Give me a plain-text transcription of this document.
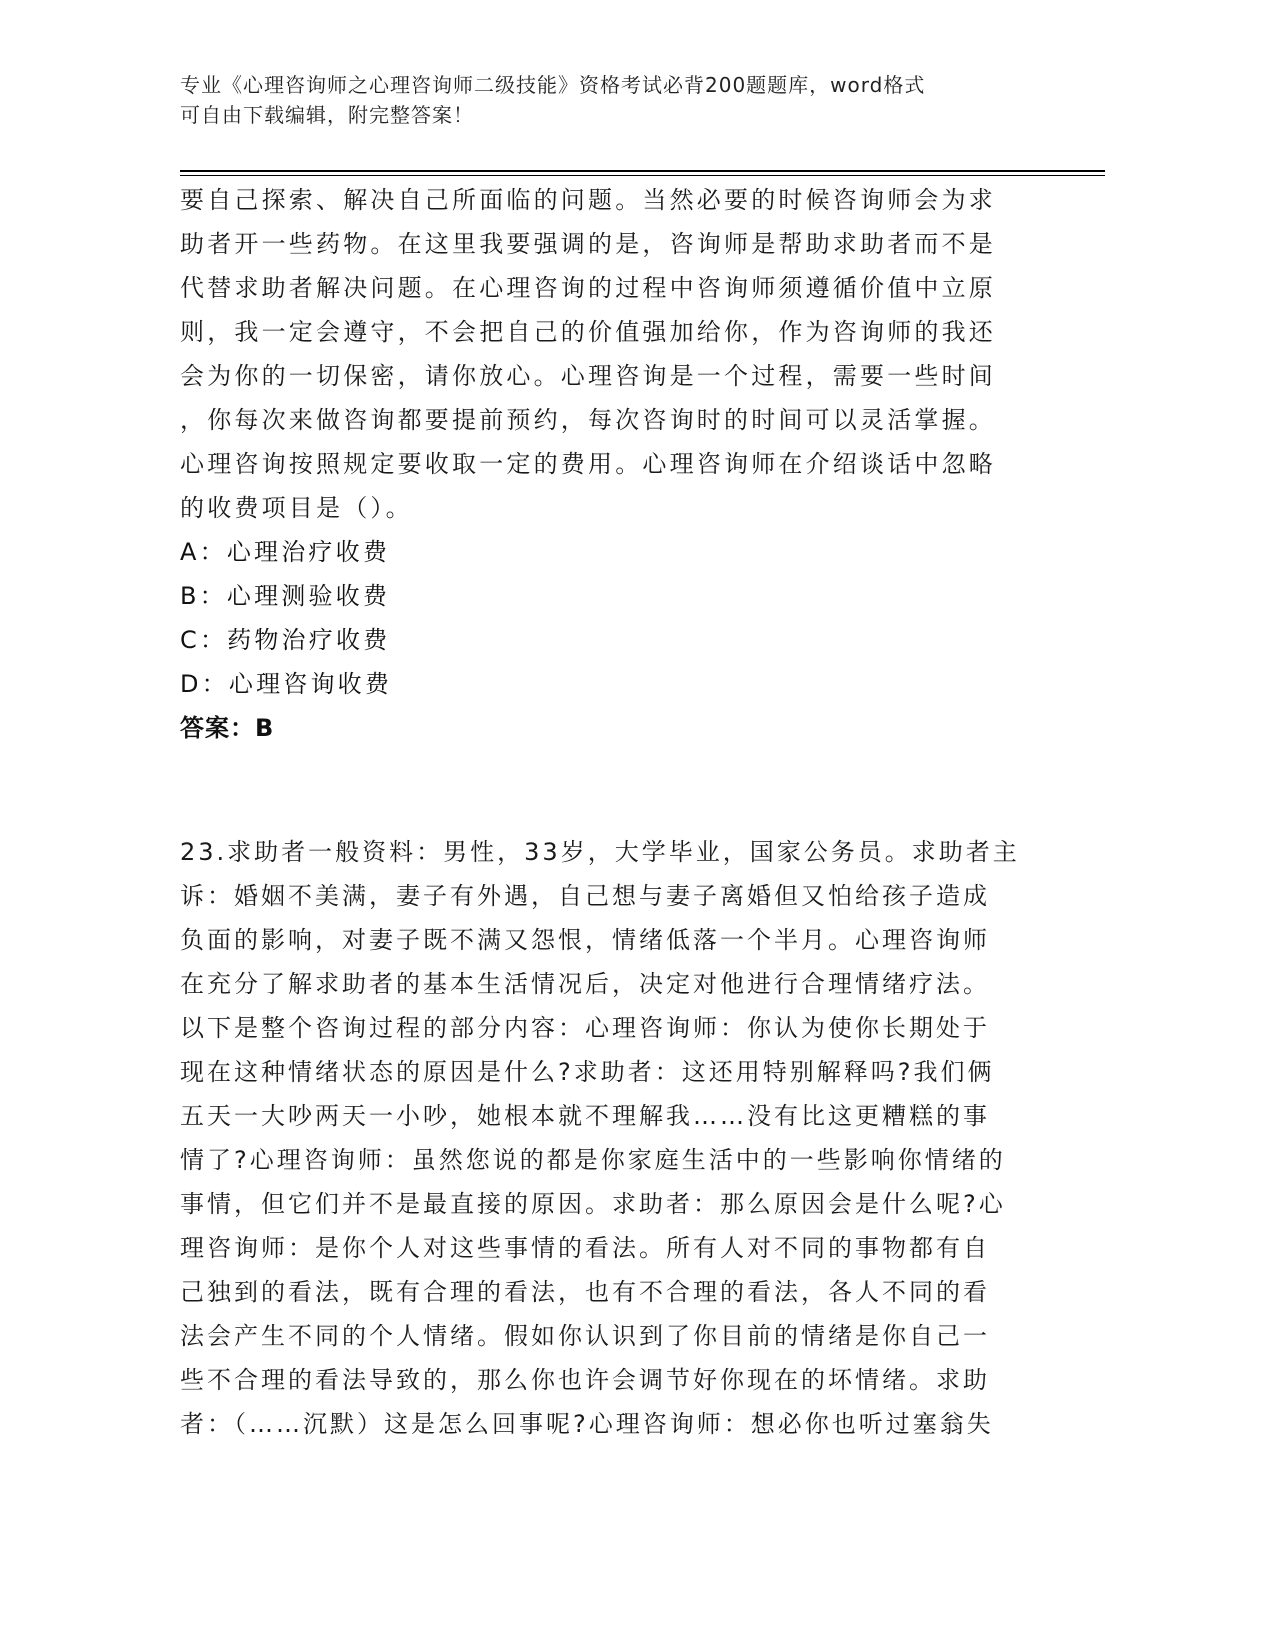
专业《心理咨询师之心理咨询师二级技能》资格考试必背200题题库，word格式
可自由下载编辑，附完整答案！
要自己探索、解决自己所面临的问题。当然必要的时候咨询师会为求
助者开一些药物。在这里我要强调的是，咨询师是帮助求助者而不是
代替求助者解决问题。在心理咨询的过程中咨询师须遵循价值中立原
则，我一定会遵守，不会把自己的价值强加给你，作为咨询师的我还
会为你的一切保密，请你放心。心理咨询是一个过程，需要一些时间
，你每次来做咨询都要提前预约，每次咨询时的时间可以灵活掌握。
心理咨询按照规定要收取一定的费用。心理咨询师在介绍谈话中忽略
的收费项目是（）。
A：心理治疗收费
B：心理测验收费
C：药物治疗收费
D：心理咨询收费
答案：B
23.求助者一般资料：男性，33岁，大学毕业，国家公务员。求助者主
诉：婚姻不美满，妻子有外遇，自己想与妻子离婚但又怕给孩子造成
负面的影响，对妻子既不满又怨恨，情绪低落一个半月。心理咨询师
在充分了解求助者的基本生活情况后，决定对他进行合理情绪疗法。
以下是整个咨询过程的部分内容：心理咨询师：你认为使你长期处于
现在这种情绪状态的原因是什么?求助者：这还用特别解释吗?我们俩
五天一大吵两天一小吵，她根本就不理解我……没有比这更糟糕的事
情了?心理咨询师：虽然您说的都是你家庭生活中的一些影响你情绪的
事情，但它们并不是最直接的原因。求助者：那么原因会是什么呢?心
理咨询师：是你个人对这些事情的看法。所有人对不同的事物都有自
己独到的看法，既有合理的看法，也有不合理的看法，各人不同的看
法会产生不同的个人情绪。假如你认识到了你目前的情绪是你自己一
些不合理的看法导致的，那么你也许会调节好你现在的坏情绪。求助
者：（……沉默）这是怎么回事呢?心理咨询师：想必你也听过塞翁失
